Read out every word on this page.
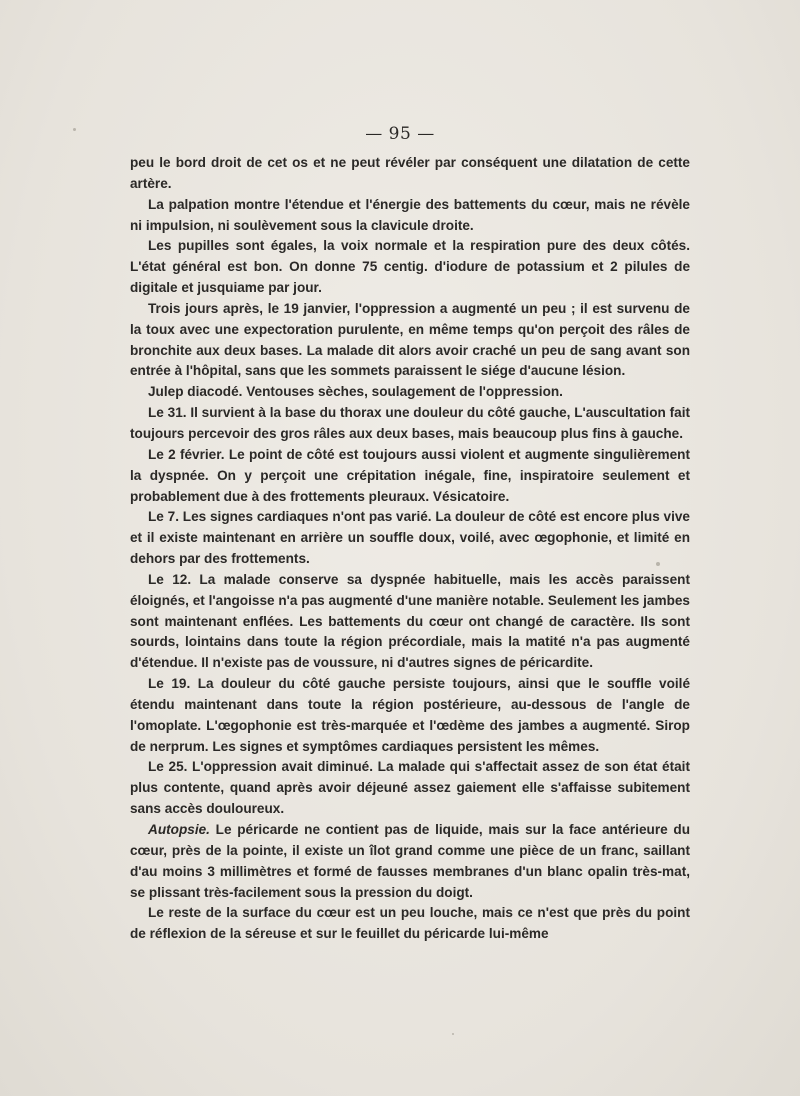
— 95 —

peu le bord droit de cet os et ne peut révéler par conséquent une dilatation de cette artère.

La palpation montre l'étendue et l'énergie des battements du cœur, mais ne révèle ni impulsion, ni soulèvement sous la clavicule droite.

Les pupilles sont égales, la voix normale et la respiration pure des deux côtés. L'état général est bon. On donne 75 centig. d'iodure de potassium et 2 pilules de digitale et jusquiame par jour.

Trois jours après, le 19 janvier, l'oppression a augmenté un peu ; il est survenu de la toux avec une expectoration purulente, en même temps qu'on perçoit des râles de bronchite aux deux bases. La malade dit alors avoir craché un peu de sang avant son entrée à l'hôpital, sans que les sommets paraissent le siége d'aucune lésion.

Julep diacodé. Ventouses sèches, soulagement de l'oppression.

Le 31. Il survient à la base du thorax une douleur du côté gauche, L'auscultation fait toujours percevoir des gros râles aux deux bases, mais beaucoup plus fins à gauche.

Le 2 février. Le point de côté est toujours aussi violent et augmente singulièrement la dyspnée. On y perçoit une crépitation inégale, fine, inspiratoire seulement et probablement due à des frottements pleuraux. Vésicatoire.

Le 7. Les signes cardiaques n'ont pas varié. La douleur de côté est encore plus vive et il existe maintenant en arrière un souffle doux, voilé, avec œgophonie, et limité en dehors par des frottements.

Le 12. La malade conserve sa dyspnée habituelle, mais les accès paraissent éloignés, et l'angoisse n'a pas augmenté d'une manière notable. Seulement les jambes sont maintenant enflées. Les battements du cœur ont changé de caractère. Ils sont sourds, lointains dans toute la région précordiale, mais la matité n'a pas augmenté d'étendue. Il n'existe pas de voussure, ni d'autres signes de péricardite.

Le 19. La douleur du côté gauche persiste toujours, ainsi que le souffle voilé étendu maintenant dans toute la région postérieure, au-dessous de l'angle de l'omoplate. L'œgophonie est très-marquée et l'œdème des jambes a augmenté. Sirop de nerprum. Les signes et symptômes cardiaques persistent les mêmes.

Le 25. L'oppression avait diminué. La malade qui s'affectait assez de son état était plus contente, quand après avoir déjeuné assez gaiement elle s'affaisse subitement sans accès douloureux.

Autopsie. Le péricarde ne contient pas de liquide, mais sur la face antérieure du cœur, près de la pointe, il existe un îlot grand comme une pièce de un franc, saillant d'au moins 3 millimètres et formé de fausses membranes d'un blanc opalin très-mat, se plissant très-facilement sous la pression du doigt.

Le reste de la surface du cœur est un peu louche, mais ce n'est que près du point de réflexion de la séreuse et sur le feuillet du péricarde lui-même
